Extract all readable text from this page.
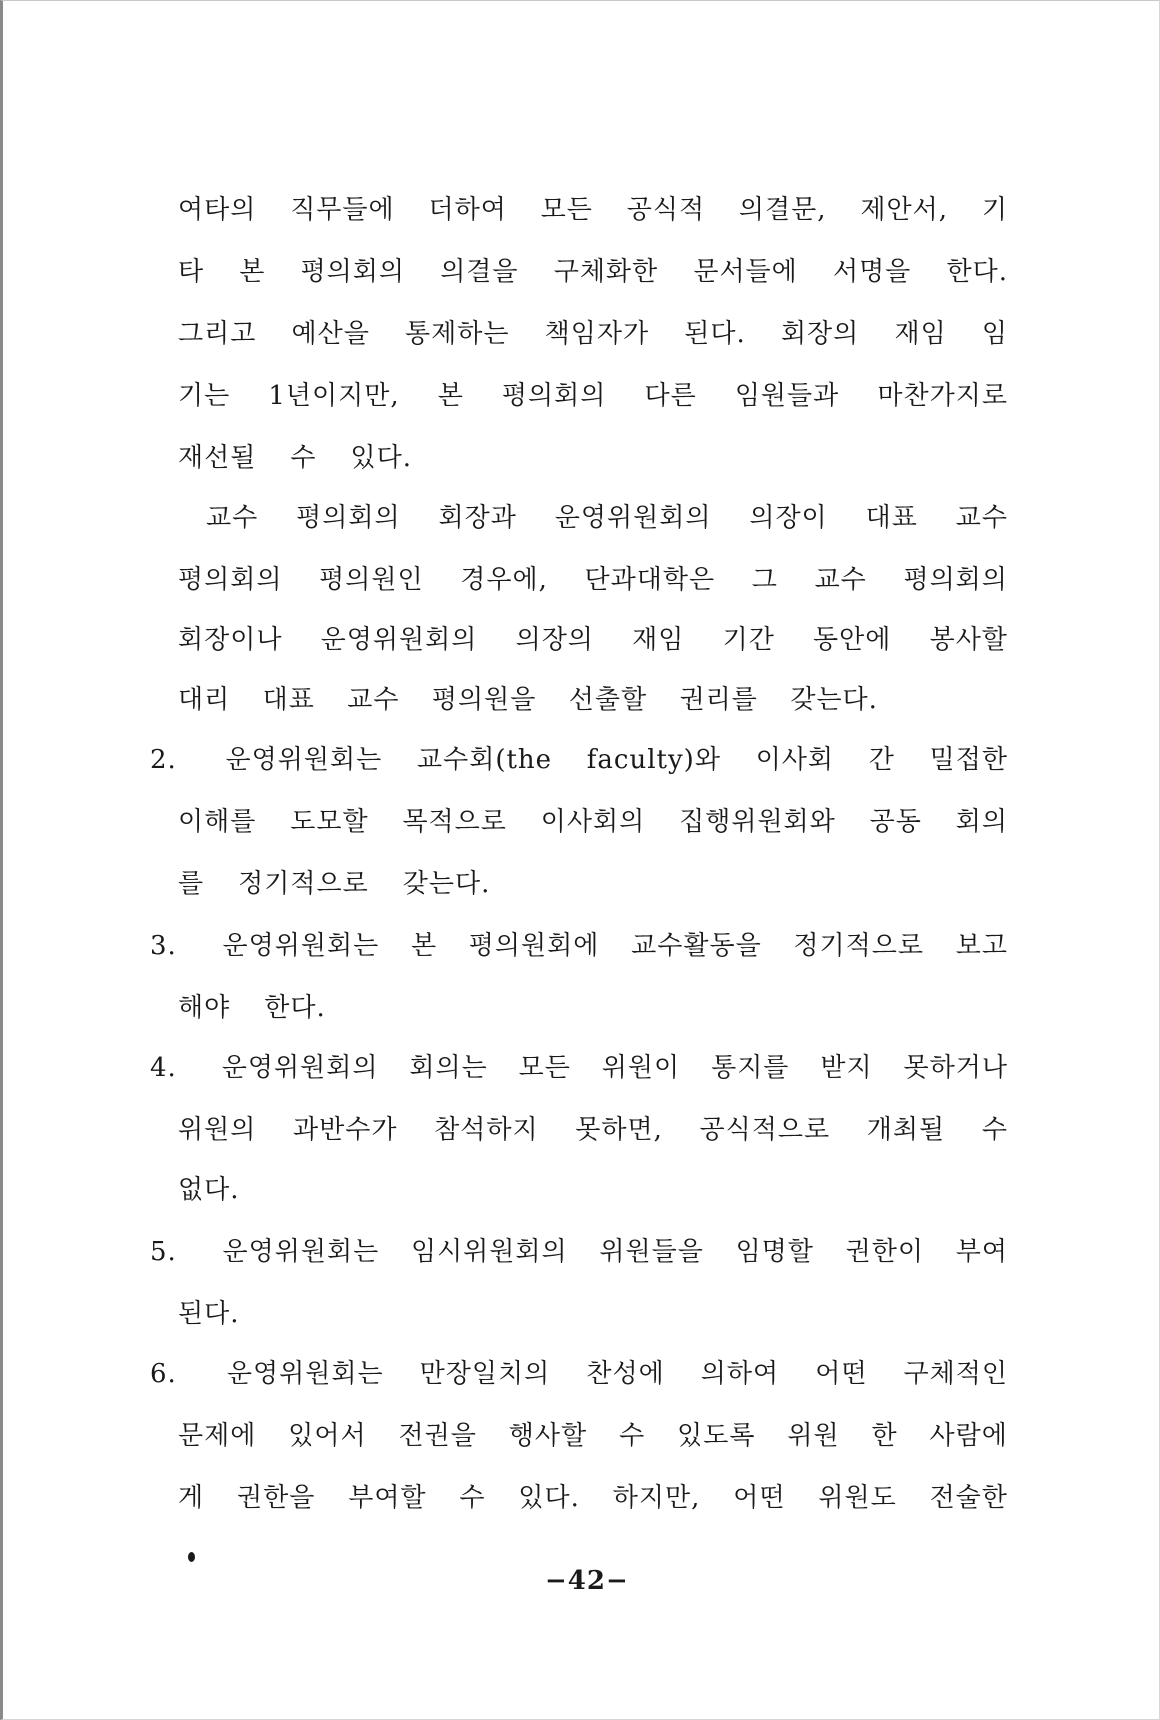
여타의 직무들에 더하여 모든 공식적 의결문, 제안서, 기
타 본 평의회의 의결을 구체화한 문서들에 서명을 한다.
그리고 예산을 통제하는 책임자가 된다. 회장의 재임 임
기는 1년이지만, 본 평의회의 다른 임원들과 마찬가지로
재선될 수 있다.
교수 평의회의 회장과 운영위원회의 의장이 대표 교수
평의회의 평의원인 경우에, 단과대학은 그 교수 평의회의
회장이나 운영위원회의 의장의 재임 기간 동안에 봉사할
대리 대표 교수 평의원을 선출할 권리를 갖는다.
2. 운영위원회는 교수회(the faculty)와 이사회 간 밀접한
이해를 도모할 목적으로 이사회의 집행위원회와 공동 회의
를 정기적으로 갖는다.
3. 운영위원회는 본 평의원회에 교수활동을 정기적으로 보고
해야 한다.
4. 운영위원회의 회의는 모든 위원이 통지를 받지 못하거나
위원의 과반수가 참석하지 못하면, 공식적으로 개최될 수
없다.
5. 운영위원회는 임시위원회의 위원들을 임명할 권한이 부여
된다.
6. 운영위원회는 만장일치의 찬성에 의하여 어떤 구체적인
문제에 있어서 전권을 행사할 수 있도록 위원 한 사람에
게 권한을 부여할 수 있다. 하지만, 어떤 위원도 전술한
−42−
